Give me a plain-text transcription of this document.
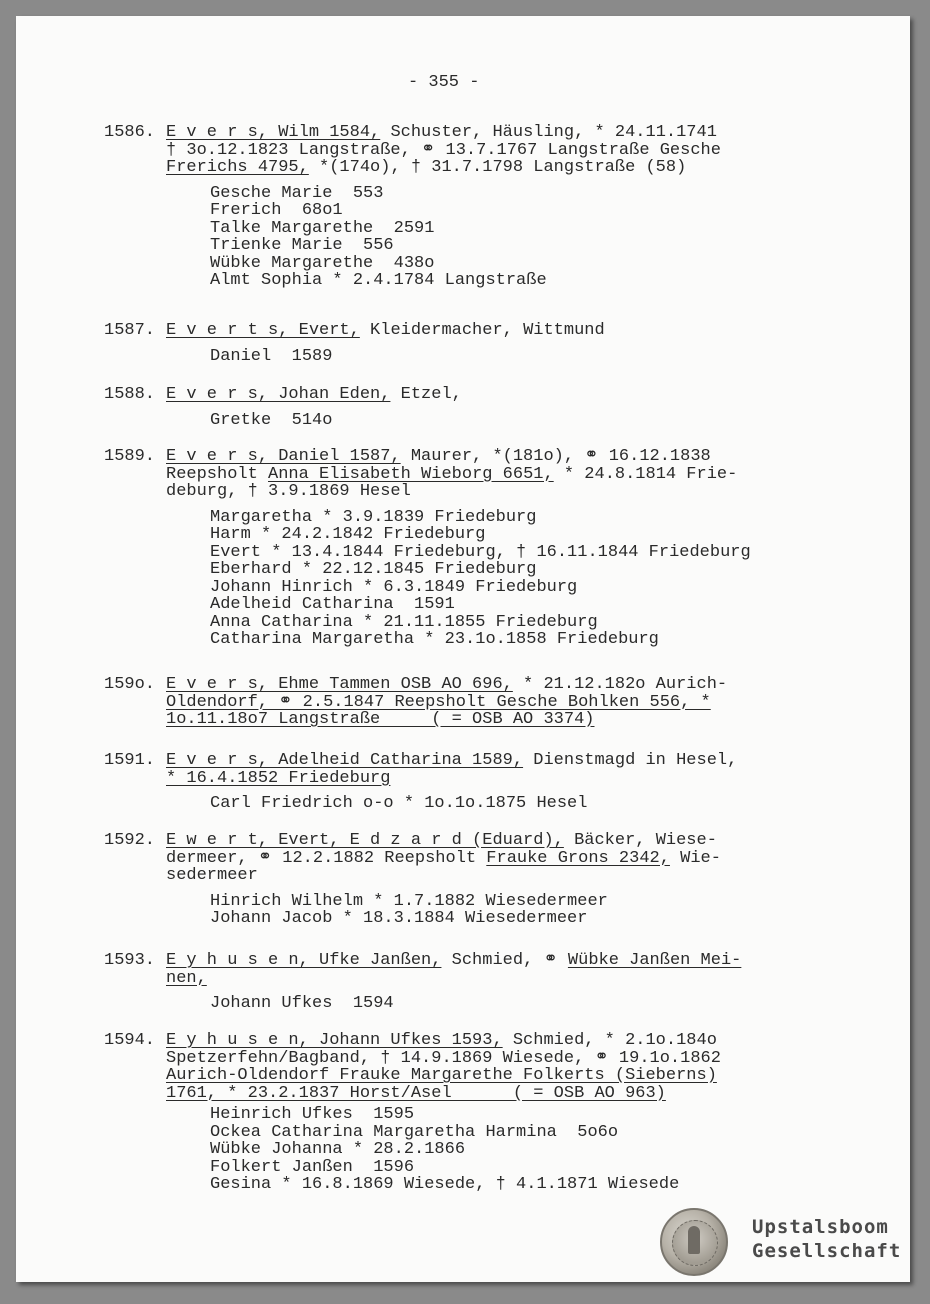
- 355 -
1586. E v e r s, Wilm 1584, Schuster, Häusling, * 24.11.1741
† 3o.12.1823 Langstraße, ⚭ 13.7.1767 Langstraße Gesche
Frerichs 4795, *(174o), † 31.7.1798 Langstraße (58)
Gesche Marie  553
Frerich  68o1
Talke Margarethe  2591
Trienke Marie  556
Wübke Margarethe  438o
Almt Sophia * 2.4.1784 Langstraße
1587. E v e r t s, Evert, Kleidermacher, Wittmund
Daniel  1589
1588. E v e r s, Johan Eden, Etzel,
Gretke  514o
1589. E v e r s, Daniel 1587, Maurer, *(181o), ⚭ 16.12.1838
Reepsholt Anna Elisabeth Wieborg 6651, * 24.8.1814 Frie-
deburg, † 3.9.1869 Hesel
Margaretha * 3.9.1839 Friedeburg
Harm * 24.2.1842 Friedeburg
Evert * 13.4.1844 Friedeburg, † 16.11.1844 Friedeburg
Eberhard * 22.12.1845 Friedeburg
Johann Hinrich * 6.3.1849 Friedeburg
Adelheid Catharina  1591
Anna Catharina * 21.11.1855 Friedeburg
Catharina Margaretha * 23.1o.1858 Friedeburg
159o. E v e r s, Ehme Tammen OSB AO 696, * 21.12.182o Aurich-
Oldendorf, ⚭ 2.5.1847 Reepsholt Gesche Bohlken 556, *
1o.11.18o7 Langstraße     ( = OSB AO 3374)
1591. E v e r s, Adelheid Catharina 1589, Dienstmagd in Hesel,
* 16.4.1852 Friedeburg
Carl Friedrich o-o * 1o.1o.1875 Hesel
1592. E w e r t, Evert, E d z a r d (Eduard), Bäcker, Wiese-
dermeer, ⚭ 12.2.1882 Reepsholt Frauke Grons 2342, Wie-
sedermeer
Hinrich Wilhelm * 1.7.1882 Wiesedermeer
Johann Jacob * 18.3.1884 Wiesedermeer
1593. E y h u s e n, Ufke Janßen, Schmied, ⚭ Wübke Janßen Mei-
nen,
Johann Ufkes  1594
1594. E y h u s e n, Johann Ufkes 1593, Schmied, * 2.1o.184o
Spetzerfehn/Bagband, † 14.9.1869 Wiesede, ⚭ 19.1o.1862
Aurich-Oldendorf Frauke Margarethe Folkerts (Sieberns)
1761, * 23.2.1837 Horst/Asel      ( = OSB AO 963)
Heinrich Ufkes  1595
Ockea Catharina Margaretha Harmina  5o6o
Wübke Johanna * 28.2.1866
Folkert Janßen  1596
Gesina * 16.8.1869 Wiesede, † 4.1.1871 Wiesede
Upstalsboom
Gesellschaft
